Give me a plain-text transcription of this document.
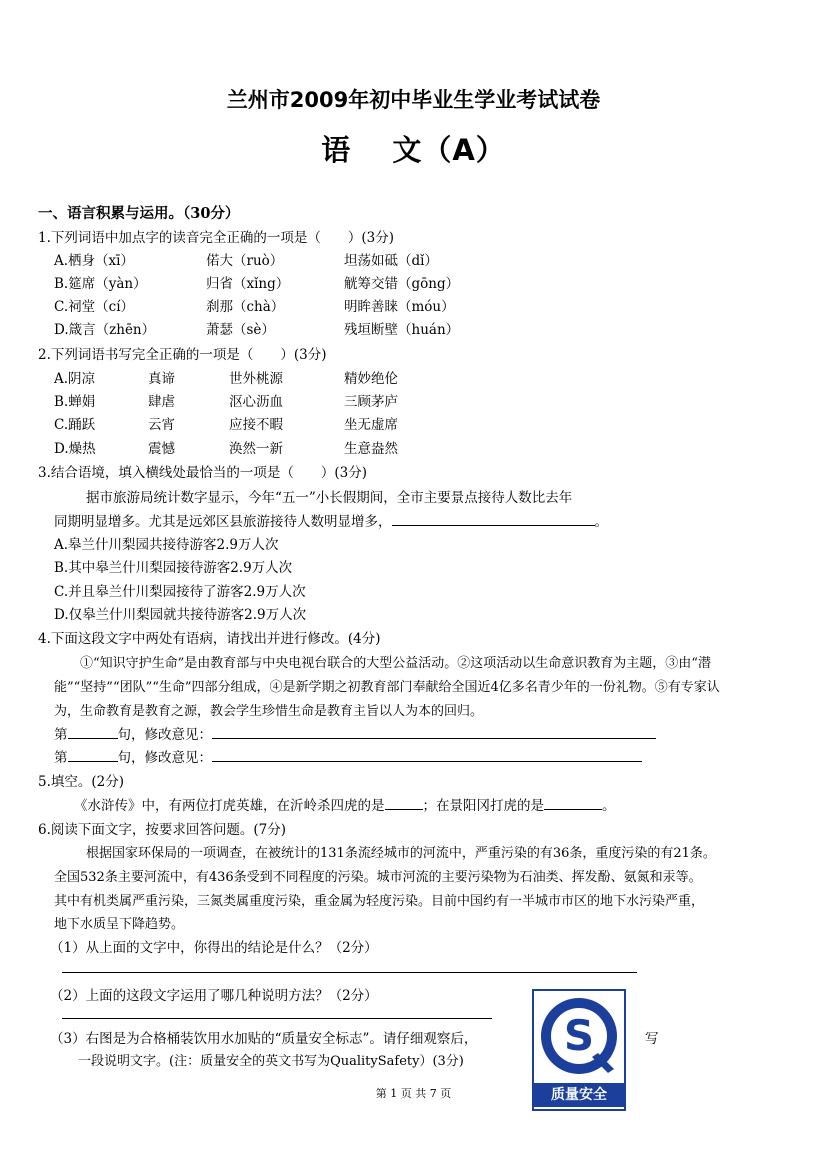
兰州市2009年初中毕业生学业考试试卷
语　 文（A）
一、语言积累与运用。（30分）
1.下列词语中加点字的读音完全正确的一项是（　　）(3分)
A.栖身（xī）	偌大（ruò）	坦荡如砥（dǐ）
B.筵席（yàn）	归省（xǐng）	觥筹交错（gōng）
C.祠堂（cí）	刹那（chà）	明眸善睐（móu）
D.箴言（zhēn）	萧瑟（sè）	残垣断壁（huán）
2.下列词语书写完全正确的一项是（　　）(3分)
A.阴凉	真谛	世外桃源	精妙绝伦
B.蝉娟	肆虐	沤心沥血	三顾茅庐
C.踊跃	云宵	应接不暇	坐无虚席
D.燥热	震憾	涣然一新	生意盎然
3.结合语境，填入横线处最恰当的一项是（　　）(3分)
据市旅游局统计数字显示，今年“五一”小长假期间，全市主要景点接待人数比去年
同期明显增多。尤其是远郊区县旅游接待人数明显增多，	。
A.皋兰什川梨园共接待游客2.9万人次
B.其中皋兰什川梨园接待游客2.9万人次
C.并且皋兰什川梨园接待了游客2.9万人次
D.仅皋兰什川梨园就共接待游客2.9万人次
4.下面这段文字中两处有语病，请找出并进行修改。(4分)
①“知识守护生命”是由教育部与中央电视台联合的大型公益活动。②这项活动以生命意识教育为主题，③由“潜
能”“坚持”“团队”“生命”四部分组成，④是新学期之初教育部门奉献给全国近4亿多名青少年的一份礼物。⑤有专家认
为，生命教育是教育之源，教会学生珍惜生命是教育主旨以人为本的回归。
第	句，修改意见：
第	句，修改意见：
5.填空。(2分)
《水浒传》中，有两位打虎英雄，在沂岭杀四虎的是	；在景阳冈打虎的是	。
6.阅读下面文字，按要求回答问题。(7分)
根据国家环保局的一项调查，在被统计的131条流经城市的河流中，严重污染的有36条，重度污染的有21条。
全国532条主要河流中，有436条受到不同程度的污染。城市河流的主要污染物为石油类、挥发酚、氨氮和汞等。
其中有机类属严重污染，三氮类属重度污染，重金属为轻度污染。目前中国约有一半城市市区的地下水污染严重，
地下水质呈下降趋势。
（1）从上面的文字中，你得出的结论是什么？（2分）
（2）上面的这段文字运用了哪几种说明方法？（2分）
（3）右图是为合格桶装饮用水加贴的“质量安全标志”。请仔细观察后，	写
一段说明文字。(注：质量安全的英文书写为QualitySafety）(3分)
S
质量安全
第 1 页 共 7 页
